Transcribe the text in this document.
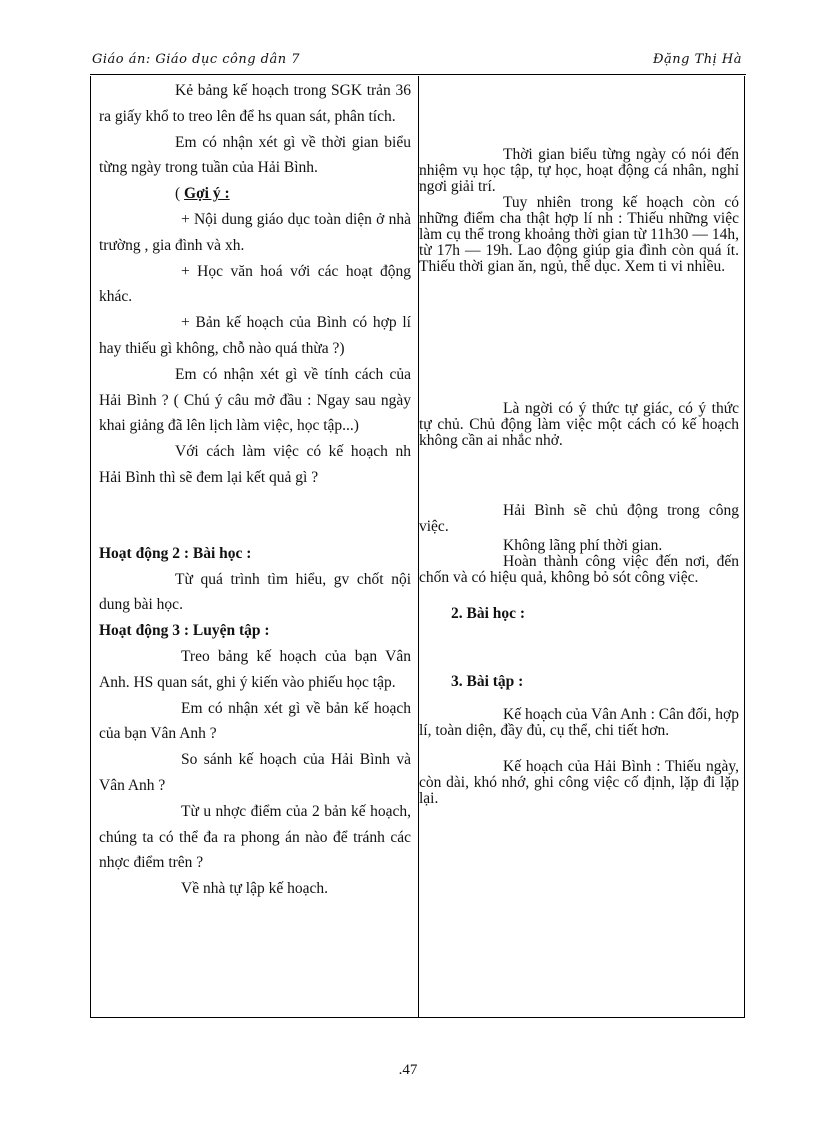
Giáo án: Giáo dục công dân 7	Đặng Thị Hà

Kẻ bảng kế hoạch trong SGK trản 36 ra giấy khổ to treo lên để hs quan sát, phân tích.

Em có nhận xét gì về thời gian biểu từng ngày trong tuần của Hải Bình.

( Gợi ý :

+ Nội dung giáo dục toàn diện ở nhà trường , gia đình và xh.

+ Học văn hoá với các hoạt động khác.

+ Bản kế hoạch của Bình có hợp lí hay thiếu gì không, chỗ nào quá thừa ?)

Em có nhận xét gì về tính cách của Hải Bình ? ( Chú ý câu mở đầu : Ngay sau ngày khai giảng đã lên lịch làm việc, học tập...)

Với cách làm việc có kế hoạch nh Hải Bình thì sẽ đem lại kết quả gì ?

Hoạt động 2 : Bài học :

Từ quá trình tìm hiểu, gv chốt nội dung bài học.

Hoạt động 3 : Luyện tập :

Treo bảng kế hoạch của bạn Vân Anh. HS quan sát, ghi ý kiến vào phiếu học tập.

Em có nhận xét gì về bản kế hoạch của bạn Vân Anh ?

So sánh kế hoạch của Hải Bình và Vân Anh ?

Từ u nhợc điểm của 2 bản kế hoạch, chúng ta có thể đa ra phong án nào để tránh các nhợc điểm trên ?

Về nhà tự lập kế hoạch.

Thời gian biểu từng ngày có nói đến nhiệm vụ học tập, tự học, hoạt động cá nhân, nghỉ ngơi giải trí.

Tuy nhiên trong kế hoạch còn có những điểm cha thật hợp lí nh : Thiếu những việc làm cụ thể trong khoảng thời gian từ 11h30 — 14h, từ 17h — 19h. Lao động giúp gia đình còn quá ít. Thiếu thời gian ăn, ngủ, thể dục. Xem ti vi nhiều.

Là ngời có ý thức tự giác, có ý thức tự chủ. Chủ động làm việc một cách có kế hoạch không cần ai nhắc nhở.

Hải Bình sẽ chủ động trong công việc.

Không lãng phí thời gian.

Hoàn thành công việc đến nơi, đến chốn và có hiệu quả, không bỏ sót công việc.

2. Bài học :
3. Bài tập :

Kế hoạch của Vân Anh : Cân đối, hợp lí, toàn diện, đầy đủ, cụ thể, chi tiết hơn.

Kế hoạch của Hải Bình : Thiếu ngày, còn dài, khó nhớ, ghi công việc cố định, lặp đi lặp lại.

.47
